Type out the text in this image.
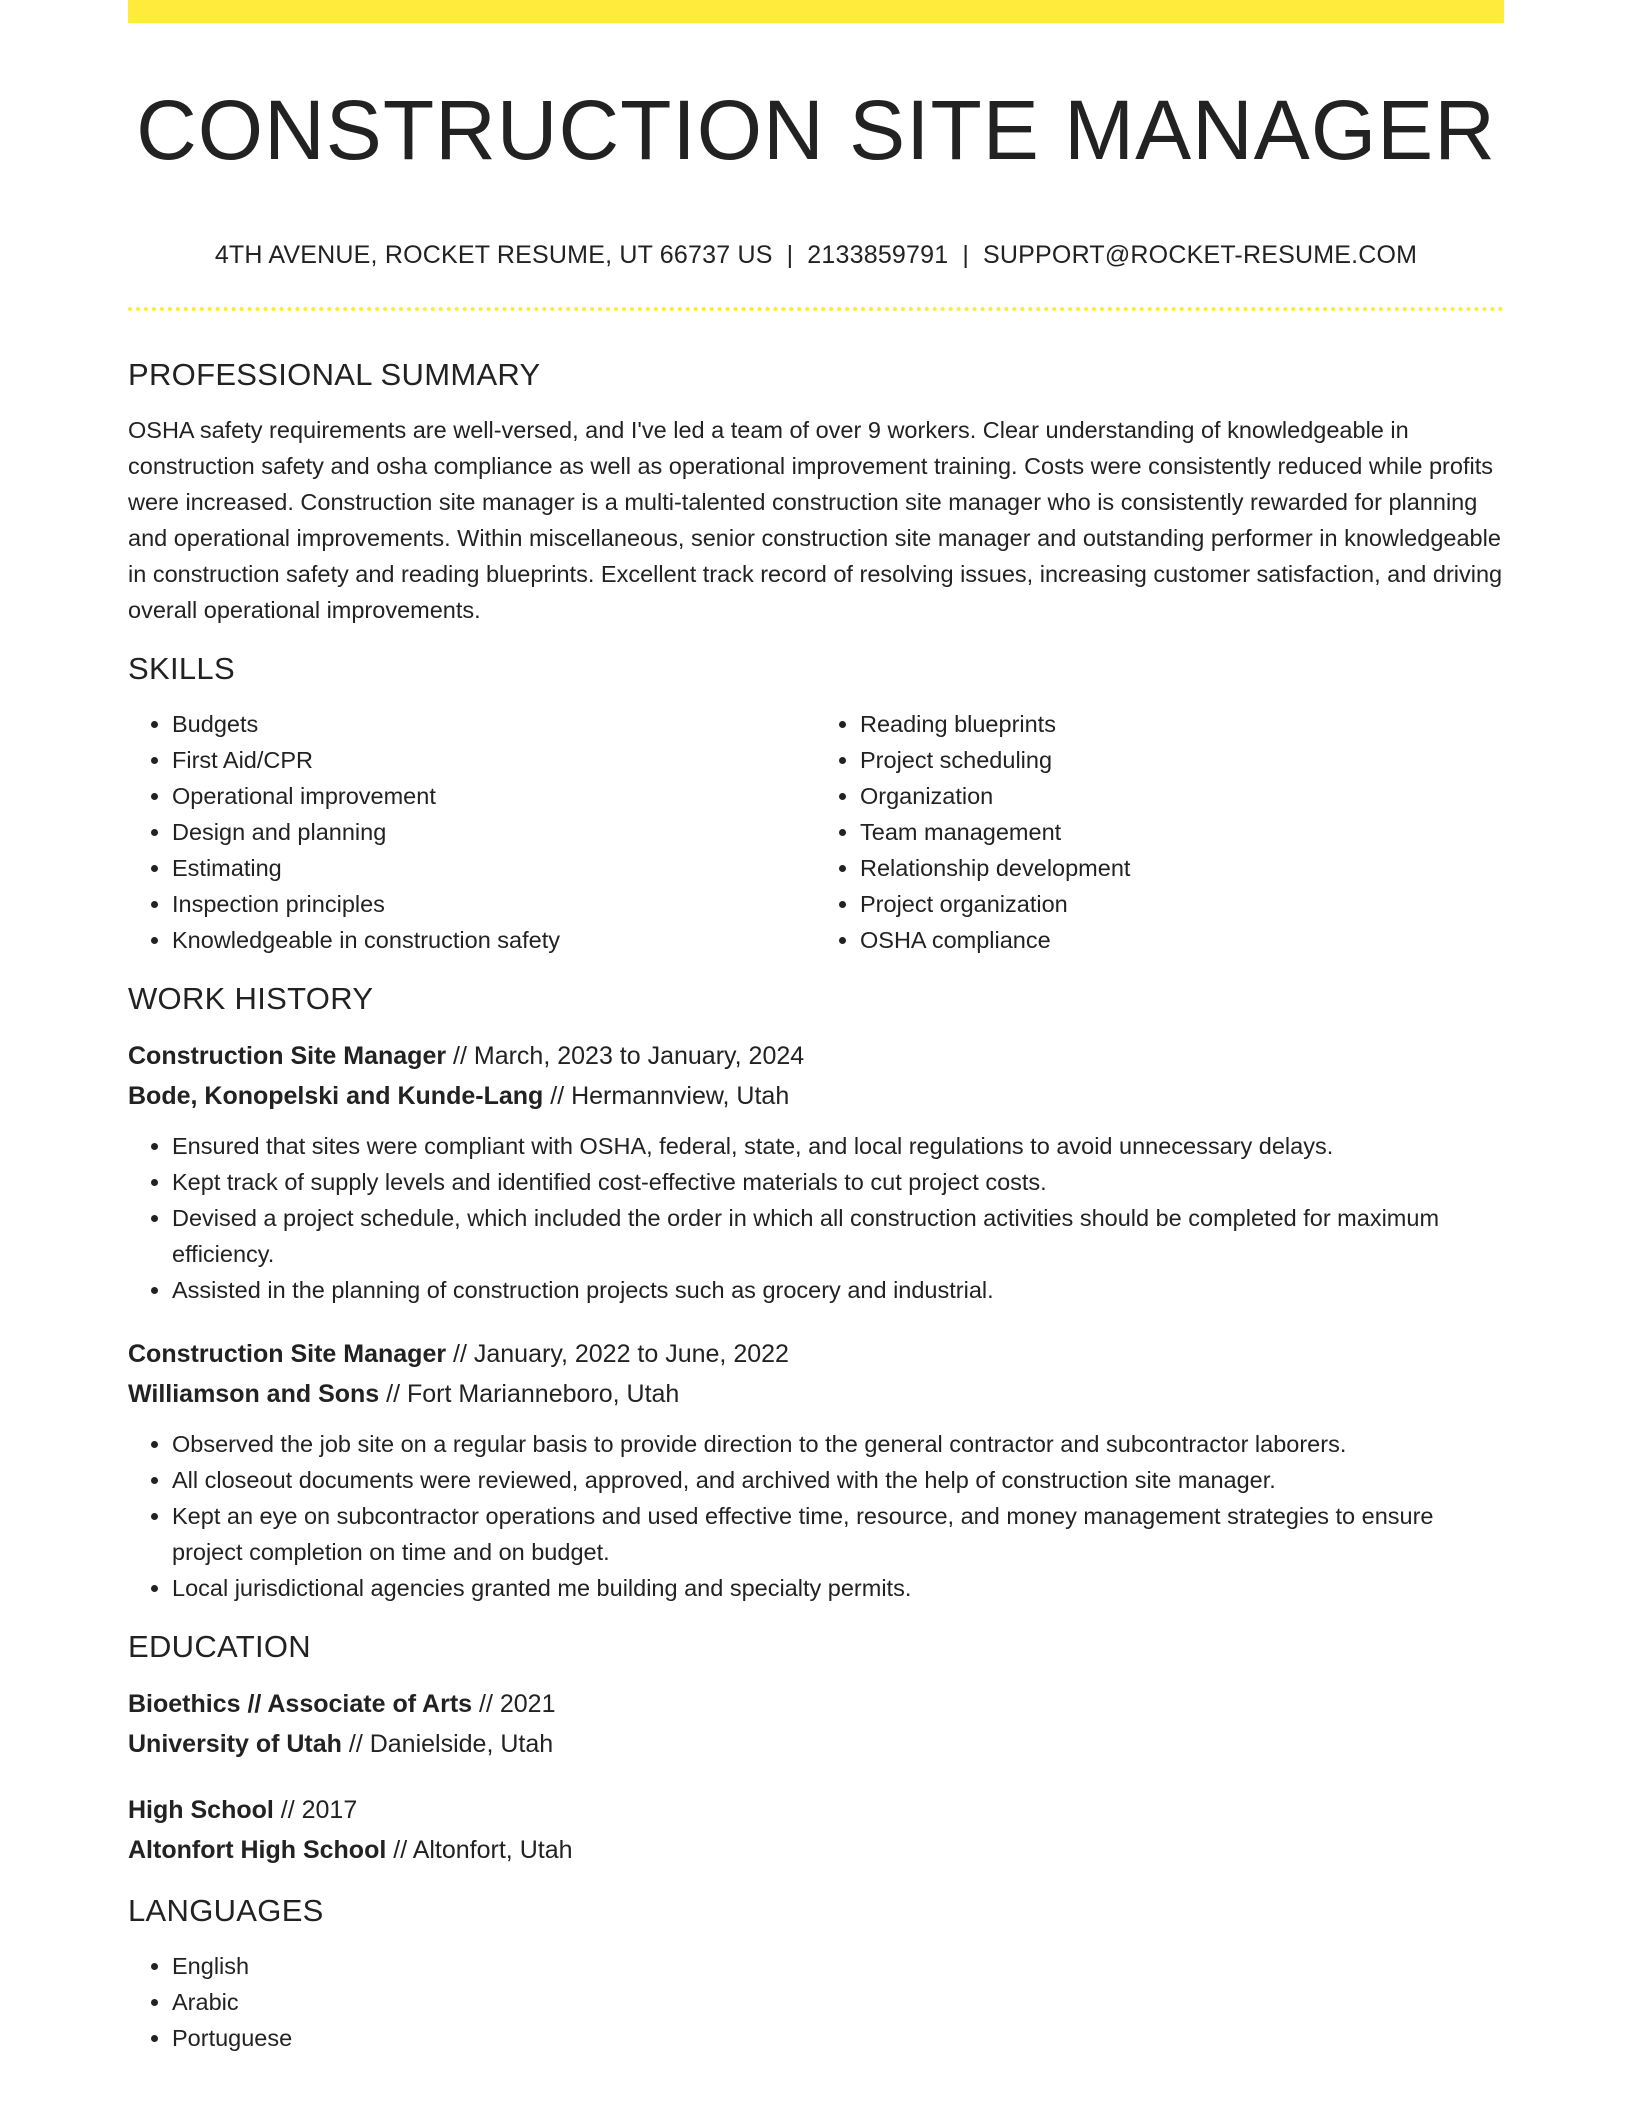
CONSTRUCTION SITE MANAGER
4TH AVENUE, ROCKET RESUME, UT 66737 US | 2133859791 | SUPPORT@ROCKET-RESUME.COM
PROFESSIONAL SUMMARY

OSHA safety requirements are well-versed, and I've led a team of over 9 workers. Clear understanding of knowledgeable in construction safety and osha compliance as well as operational improvement training. Costs were consistently reduced while profits were increased. Construction site manager is a multi-talented construction site manager who is consistently rewarded for planning and operational improvements. Within miscellaneous, senior construction site manager and outstanding performer in knowledgeable in construction safety and reading blueprints. Excellent track record of resolving issues, increasing customer satisfaction, and driving overall operational improvements.

SKILLS
• Budgets
• First Aid/CPR
• Operational improvement
• Design and planning
• Estimating
• Inspection principles
• Knowledgeable in construction safety
• Reading blueprints
• Project scheduling
• Organization
• Team management
• Relationship development
• Project organization
• OSHA compliance
WORK HISTORY
Construction Site Manager // March, 2023 to January, 2024
Bode, Konopelski and Kunde-Lang // Hermannview, Utah
• Ensured that sites were compliant with OSHA, federal, state, and local regulations to avoid unnecessary delays.
• Kept track of supply levels and identified cost-effective materials to cut project costs.
• Devised a project schedule, which included the order in which all construction activities should be completed for maximum efficiency.
• Assisted in the planning of construction projects such as grocery and industrial.
Construction Site Manager // January, 2022 to June, 2022
Williamson and Sons // Fort Marianneboro, Utah
• Observed the job site on a regular basis to provide direction to the general contractor and subcontractor laborers.
• All closeout documents were reviewed, approved, and archived with the help of construction site manager.
• Kept an eye on subcontractor operations and used effective time, resource, and money management strategies to ensure project completion on time and on budget.
• Local jurisdictional agencies granted me building and specialty permits.
EDUCATION
Bioethics // Associate of Arts // 2021
University of Utah // Danielside, Utah
High School // 2017
Altonfort High School // Altonfort, Utah
LANGUAGES
• English
• Arabic
• Portuguese
